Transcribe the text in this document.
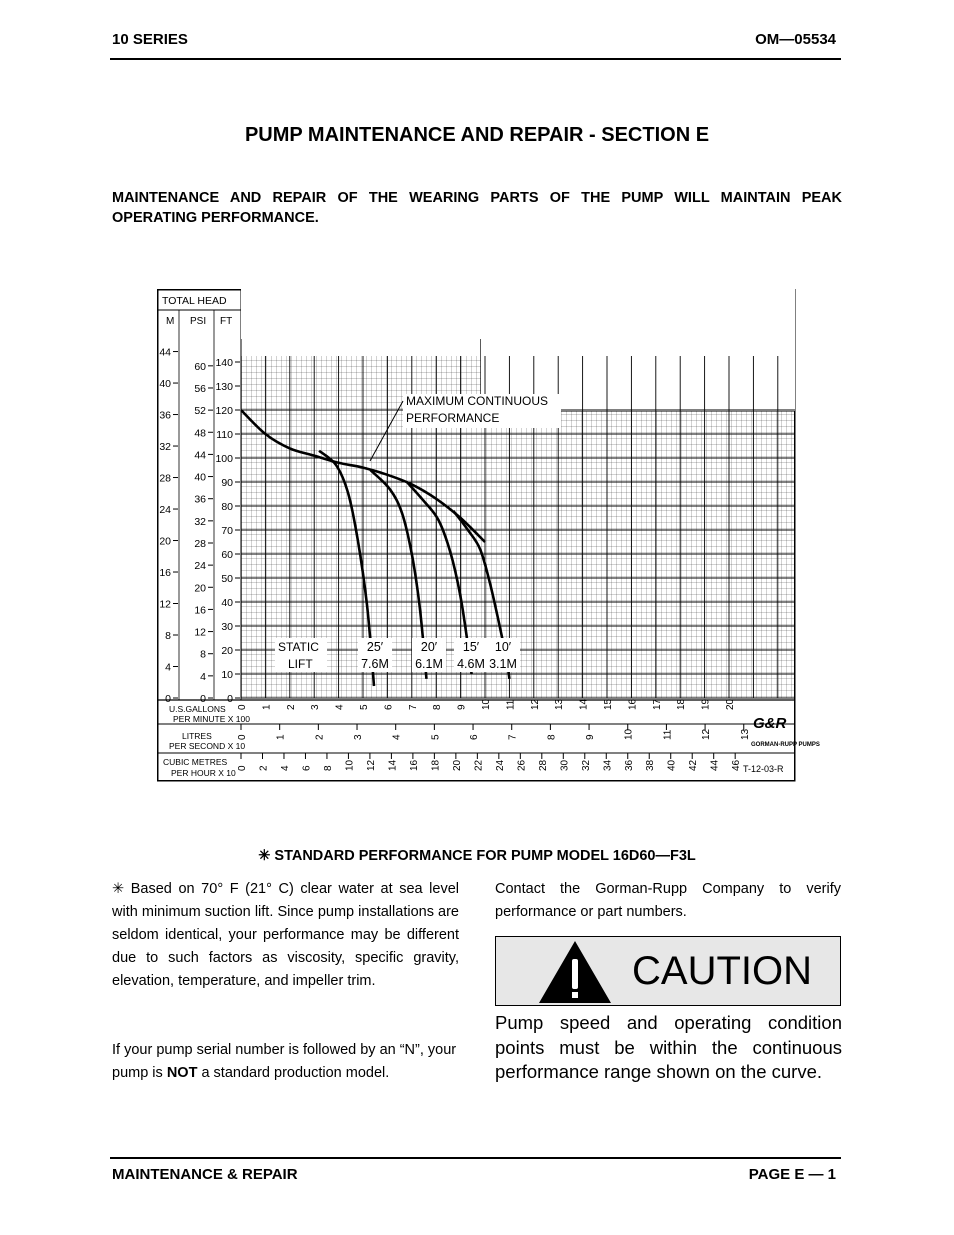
10 SERIES	OM—05534
PUMP MAINTENANCE AND REPAIR - SECTION E
MAINTENANCE AND REPAIR OF THE WEARING PARTS OF THE PUMP WILL MAINTAIN PEAK OPERATING PERFORMANCE.
TOTAL HEAD
M PSI FT
0
10
20
30
40
50
60
70
80
90
100
110
120
130
140
0
4
8
12
16
20
24
28
32
36
40
44
48
52
56
60
0
4
8
12
16
20
24
28
32
36
40
44
0 1 2 3 4 5 6 7 8 9 10 11 12 13 14 15 16 17 18 19 20
0	1	2	3	4	5	6	7	8	9	10	11	12	13
0 2 4 6 8 10 12 14 16 18 20 22 24 26 28 30 32 34 36 38 40 42 44 46
U.S.GALLONS
PER MINUTE X 100
LITRES
PER SECOND X 10
CUBIC METRES
PER HOUR X 10
MAXIMUM CONTINUOUS
PERFORMANCE
STATIC
LIFT
25′
7.6M
20′
6.1M
15′
4.6M
10′
3.1M
G&R
GORMAN-RUPP PUMPS
T-12-03-R
✳ STANDARD PERFORMANCE FOR PUMP MODEL 16D60—F3L
✳ Based on 70° F (21° C) clear water at sea level with minimum suction lift. Since pump installations are seldom identical, your performance may be different due to such factors as viscosity, specific gravity, elevation, temperature, and impeller trim.
If your pump serial number is followed by an “N”, your pump is NOT a standard production model.
Contact the Gorman-Rupp Company to verify performance or part numbers.
CAUTION
Pump speed and operating condition points must be within the continuous performance range shown on the curve.
MAINTENANCE & REPAIR	PAGE E — 1
